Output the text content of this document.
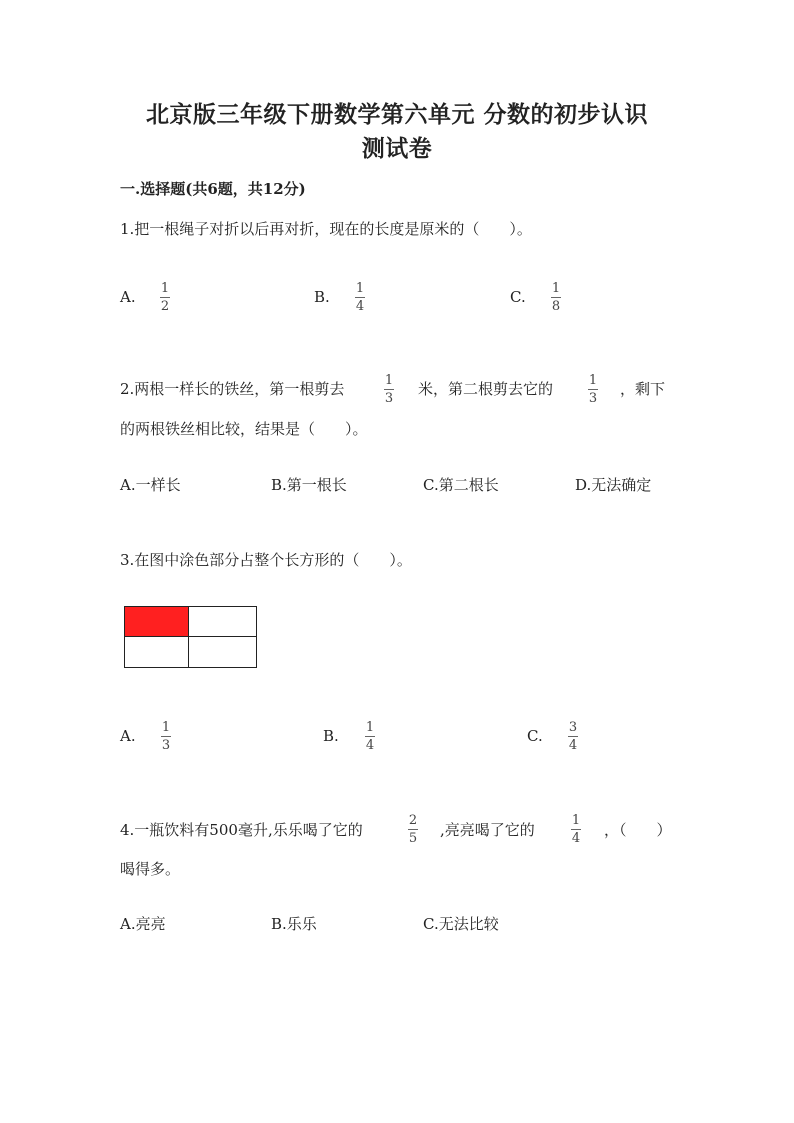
北京版三年级下册数学第六单元 分数的初步认识
测试卷
一.选择题(共6题，共12分)
1.把一根绳子对折以后再对折，现在的长度是原米的（　　）。
A. 1
2
B. 1
4
C. 1
8
2.两根一样长的铁丝，第一根剪去	1
3
米，第二根剪去它的	1
3
，剩下
的两根铁丝相比较，结果是（　　）。
A.一样长	B.第一根长	C.第二根长	D.无法确定
3.在图中涂色部分占整个长方形的（　　）。
A. 1
3
B. 1
4
C. 3
4
4.一瓶饮料有500毫升,乐乐喝了它的
2
5 ,亮亮喝了它的
1
4 ，（　　）
喝得多。
A.亮亮	B.乐乐	C.无法比较
